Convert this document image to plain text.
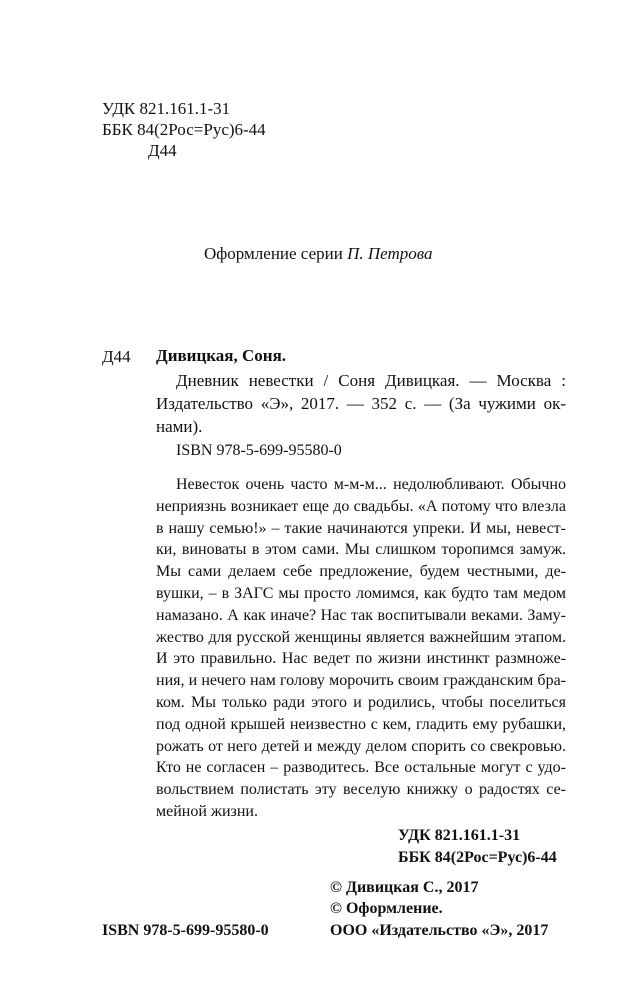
УДК 821.161.1-31
ББК 84(2Рос=Рус)6-44
Д44
Оформление серии П. Петрова
Д44 Дивицкая, Соня.
Дневник невестки / Соня Дивицкая. — Москва :
Издательство «Э», 2017. — 352 с. — (За чужими ок-
нами).
ISBN 978-5-699-95580-0
Невесток очень часто м-м-м... недолюбливают. Обычно
неприязнь возникает еще до свадьбы. «А потому что влезла
в нашу семью!» – такие начинаются упреки. И мы, невест-
ки, виноваты в этом сами. Мы слишком торопимся замуж.
Мы сами делаем себе предложение, будем честными, де-
вушки, – в ЗАГС мы просто ломимся, как будто там медом
намазано. А как иначе? Нас так воспитывали веками. Заму-
жество для русской женщины является важнейшим этапом.
И это правильно. Нас ведет по жизни инстинкт размноже-
ния, и нечего нам голову морочить своим гражданским бра-
ком. Мы только ради этого и родились, чтобы поселиться
под одной крышей неизвестно с кем, гладить ему рубашки,
рожать от него детей и между делом спорить со свекровью.
Кто не согласен – разводитесь. Все остальные могут с удо-
вольствием полистать эту веселую книжку о радостях се-
мейной жизни.
УДК 821.161.1-31
ББК 84(2Рос=Рус)6-44
ISBN 978-5-699-95580-0
© Дивицкая С., 2017
© Оформление.
ООО «Издательство «Э», 2017
